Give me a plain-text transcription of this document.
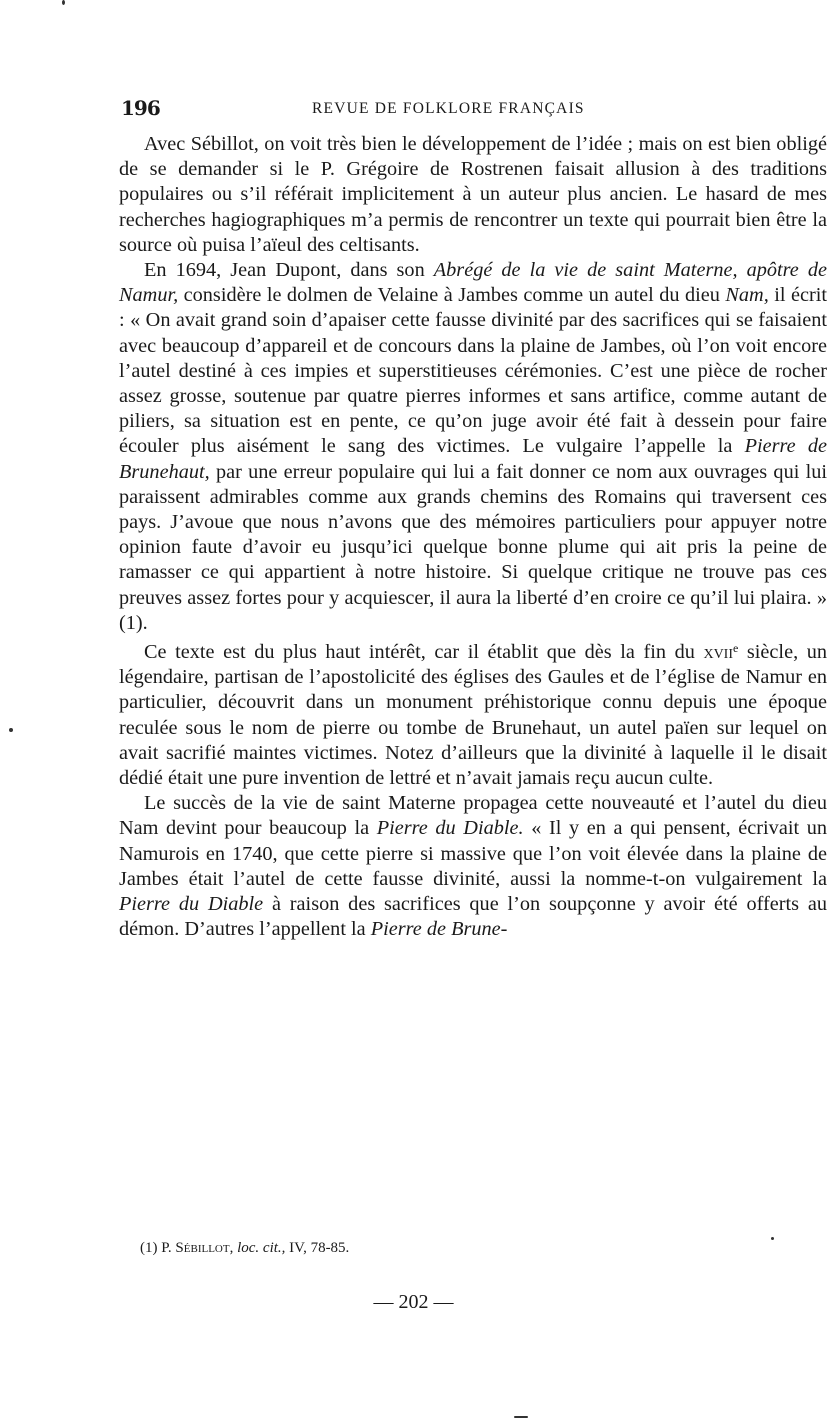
196	REVUE DE FOLKLORE FRANÇAIS

Avec Sébillot, on voit très bien le développement de l’idée ; mais on est bien obligé de se demander si le P. Grégoire de Rostrenen faisait allusion à des traditions populaires ou s’il référait implicitement à un auteur plus ancien. Le hasard de mes recherches hagiographiques m’a permis de rencontrer un texte qui pourrait bien être la source où puisa l’aïeul des celtisants.

En 1694, Jean Dupont, dans son Abrégé de la vie de saint Materne, apôtre de Namur, considère le dolmen de Velaine à Jambes comme un autel du dieu Nam, il écrit : « On avait grand soin d’apaiser cette fausse divinité par des sacrifices qui se faisaient avec beaucoup d’appareil et de concours dans la plaine de Jambes, où l’on voit encore l’autel destiné à ces impies et superstitieuses cérémonies. C’est une pièce de rocher assez grosse, soutenue par quatre pierres informes et sans artifice, comme autant de piliers, sa situation est en pente, ce qu’on juge avoir été fait à dessein pour faire écouler plus aisément le sang des victimes. Le vulgaire l’appelle la Pierre de Brunehaut, par une erreur populaire qui lui a fait donner ce nom aux ouvrages qui lui paraissent admirables comme aux grands chemins des Romains qui traversent ces pays. J’avoue que nous n’avons que des mémoires particuliers pour appuyer notre opinion faute d’avoir eu jusqu’ici quelque bonne plume qui ait pris la peine de ramasser ce qui appartient à notre histoire. Si quelque critique ne trouve pas ces preuves assez fortes pour y acquiescer, il aura la liberté d’en croire ce qu’il lui plaira. » (1).

Ce texte est du plus haut intérêt, car il établit que dès la fin du xvii$^e$ siècle, un légendaire, partisan de l’apostolicité des églises des Gaules et de l’église de Namur en particulier, découvrit dans un monument préhistorique connu depuis une époque reculée sous le nom de pierre ou tombe de Brunehaut, un autel païen sur lequel on avait sacrifié maintes victimes. Notez d’ailleurs que la divinité à laquelle il le disait dédié était une pure invention de lettré et n’avait jamais reçu aucun culte.

Le succès de la vie de saint Materne propagea cette nouveauté et l’autel du dieu Nam devint pour beaucoup la Pierre du Diable. « Il y en a qui pensent, écrivait un Namurois en 1740, que cette pierre si massive que l’on voit élevée dans la plaine de Jambes était l’autel de cette fausse divinité, aussi la nomme-t-on vulgairement la Pierre du Diable à raison des sacrifices que l’on soupçonne y avoir été offerts au démon. D’autres l’appellent la Pierre de Brune-

(1) P. Sébillot, loc. cit., IV, 78-85.
— 202 —
